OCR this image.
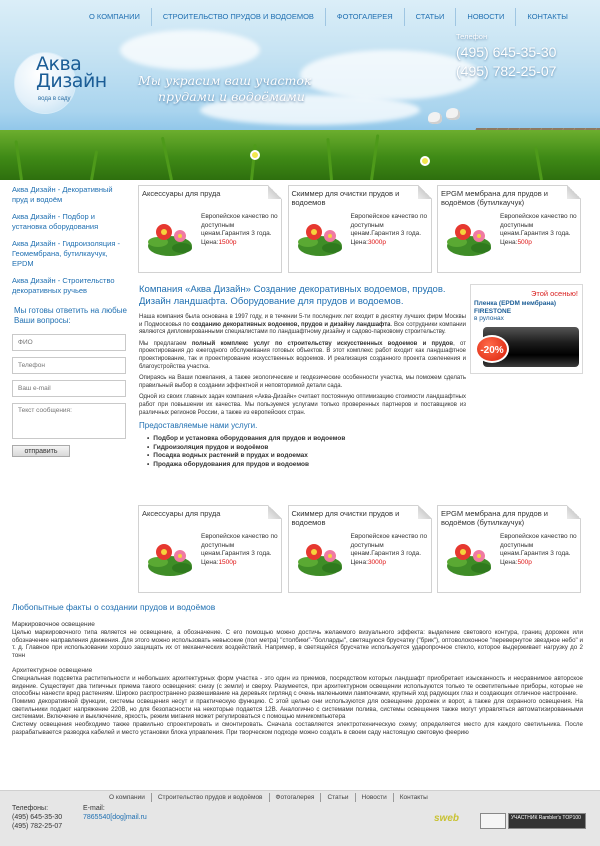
О КОМПАНИИ	СТРОИТЕЛЬСТВО ПРУДОВ И ВОДОЕМОВ	ФОТОГАЛЕРЕЯ	СТАТЬИ	НОВОСТИ	КОНТАКТЫ
Аква
Дизайн
вода в саду
Мы украсим ваш участок
прудами и водоёмами
Телефон
(495) 645-35-30
(495) 782-25-07
Аква Дизайн - Декоративный пруд и водоём
Аква Дизайн - Подбор и установка оборудования
Аква Дизайн - Гидроизоляция - Геомембрана, бутилкаучук, EPDM
Аква Дизайн - Строительство декоративных ручьев
Мы готовы ответить на любые Ваши вопросы:
ФИО
Телефон
Ваш e-mail
Текст сообщения: отправить
Аксессуары для пруда
Европейское качество по доступным ценам.Гарантия 3 года.
Цена:1500р
Скиммер для очистки прудов и водоемов
Европейское качество по доступным ценам.Гарантия 3 года.
Цена:3000р
EPGM мембрана для прудов и водоёмов (бутилкаучук)
Европейское качество по доступным ценам.Гарантия 3 года.
Цена:500р
Компания «Аква Дизайн» Создание декоративных водоемов, прудов. Дизайн ландшафта. Оборудование для прудов и водоемов.

Наша компания была основана в 1997 году, и в течении 5-ти последних лет входит в десятку лучших фирм Москвы и Подмосковья по созданию декоративных водоемов, прудов и дизайну ландшафта. Все сотрудники компании являются дипломированными специалистами по ландшафтному дизайну и садово-парковому строительству.

Мы предлагаем полный комплекс услуг по строительству искусственных водоемов и прудов, от проектирования до ежегодного обслуживания готовых объектов. В этот комплекс работ входит как ландшафтное проектирование, так и проектирование искусственных водоемов. И реализация созданного проекта озеленения и благоустройства участка.

Опираясь на Ваши пожелания, а также экологические и геодезические особенности участка, мы поможем сделать правильный выбор в создании эффектной и неповторимой детали сада.

Одной из своих главных задач компания «Аква-Дизайн» считает постоянную оптимизацию стоимости ландшафтных работ при повышении их качества. Мы пользуемся услугами только проверенных партнеров и поставщиков из различных регионов России, а также из европейских стран.

Предоставляемые нами услуги.
• Подбор и установка оборудования для прудов и водоемов
• Гидроизоляция прудов и водоёмов
• Посадка водных растений в прудах и водоемах
• Продажа оборудования для прудов и водоемов
Этой осенью!
Пленка (EPDM мембрана)
FIRESTONE
в рулонах
-20%
Аксессуары для пруда
Европейское качество по доступным ценам.Гарантия 3 года.
Цена:1500р
Скиммер для очистки прудов и водоемов
Европейское качество по доступным ценам.Гарантия 3 года.
Цена:3000р
EPGM мембрана для прудов и водоёмов (бутилкаучук)
Европейское качество по доступным ценам.Гарантия 3 года.
Цена:500р
Любопытные факты о создании прудов и водоёмов
Маркировочное освещение

Целью маркировочного типа является не освещение, а обозначение. С его помощью можно достичь желаемого визуального эффекта: выделение светового контура, границ дорожек или обозначение направления движения. Для этого можно использовать невысокие (пол метра) "столбики"-"болларды", светящуюся брусчатку ("брик"), оптоволоконное "перевернутое звездное небо" и т. д. Главное при использовании хорошо защищать их от механических воздействий. Например, в светящейся брусчатке используется ударопрочное стекло, которое выдерживает нагрузку до 2 тонн

Архитектурное освещение

Специальная подсветка растительности и небольших архитектурных форм участка - это один из приемов, посредством которых ландшафт приобретает изысканность и несравнимое авторское видение. Существует два типичных приема такого освещения: снизу (с земли) и сверху. Разумеется, при архитектурном освещении используются только те осветительные приборы, которые не способны нанести вред растениям. Широко распространено развешивание на деревьях гирлянд с очень маленькими лампочками, крупный ход радующих глаз и создающих отличное настроение.

Помимо декоративной функции, системы освещения несут и практическую функцию. С этой целью они используются для освещение дорожек и ворот, а также для охранного освещения. На светильники подают напряжение 220В, но для безопасности на некоторые подается 12В. Аналогично с системами полива, системы освещения также могут управляться автоматизированными системами. Включение и выключение, яркость, режим мигания может регулироваться с помощью миникомпьютера

Систему освещения необходимо также правильно спроектировать и смонтировать. Сначала составляется электротехническую схему; определяется место для каждого светильника. После разрабатывается разводка кабелей и место установки блока управления. При творческом подходе можно создать в своем саду настоящую световую феерию

О компании	Строительство прудов и водоёмов	Фотогалерея	Статьи	Новости	Контакты
Телефоны:
(495) 645-35-30
(495) 782-25-07
E-mail:
7865540[dog]mail.ru	sweb	УЧАСТНИК Rambler's TOP100
